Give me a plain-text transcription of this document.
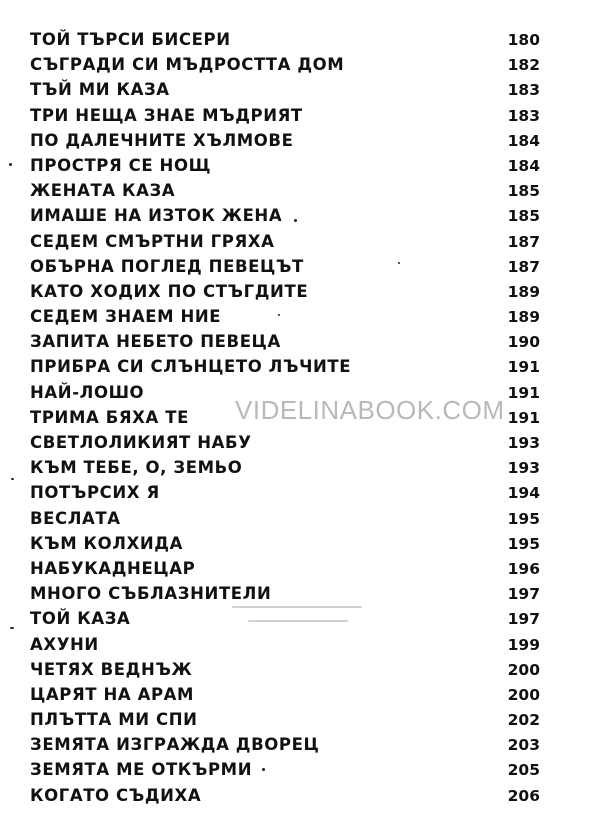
ТОЙ ТЪРСИ БИСЕРИ	180
СЪГРАДИ СИ МЪДРОСТТА ДОМ	182
ТЪЙ МИ КАЗА	183
ТРИ НЕЩА ЗНАЕ МЪДРИЯТ	183
ПО ДАЛЕЧНИТЕ ХЪЛМОВЕ	184
ПРОСТРЯ СЕ НОЩ	184
ЖЕНАТА КАЗА	185
ИМАШЕ НА ИЗТОК ЖЕНА	185
СЕДЕМ СМЪРТНИ ГРЯХА	187
ОБЪРНА ПОГЛЕД ПЕВЕЦЪТ	187
КАТО ХОДИХ ПО СТЪГДИТЕ	189
СЕДЕМ ЗНАЕМ НИЕ	189
ЗАПИТА НЕБЕТО ПЕВЕЦА	190
ПРИБРА СИ СЛЪНЦЕТО ЛЪЧИТЕ	191
НАЙ-ЛОШО	191
ТРИМА БЯХА ТЕ	191
СВЕТЛОЛИКИЯТ НАБУ	193
КЪМ ТЕБЕ, О, ЗЕМЬО	193
ПОТЪРСИХ Я	194
ВЕСЛАТА	195
КЪМ КОЛХИДА	195
НАБУКАДНЕЦАР	196
МНОГО СЪБЛАЗНИТЕЛИ	197
ТОЙ КАЗА	197
АХУНИ	199
ЧЕТЯХ ВЕДНЪЖ	200
ЦАРЯТ НА АРАМ	200
ПЛЪТТА МИ СПИ	202
ЗЕМЯТА ИЗГРАЖДА ДВОРЕЦ	203
ЗЕМЯТА МЕ ОТКЪРМИ	205
КОГАТО СЪДИХА	206
VIDELINABOOK.COM
